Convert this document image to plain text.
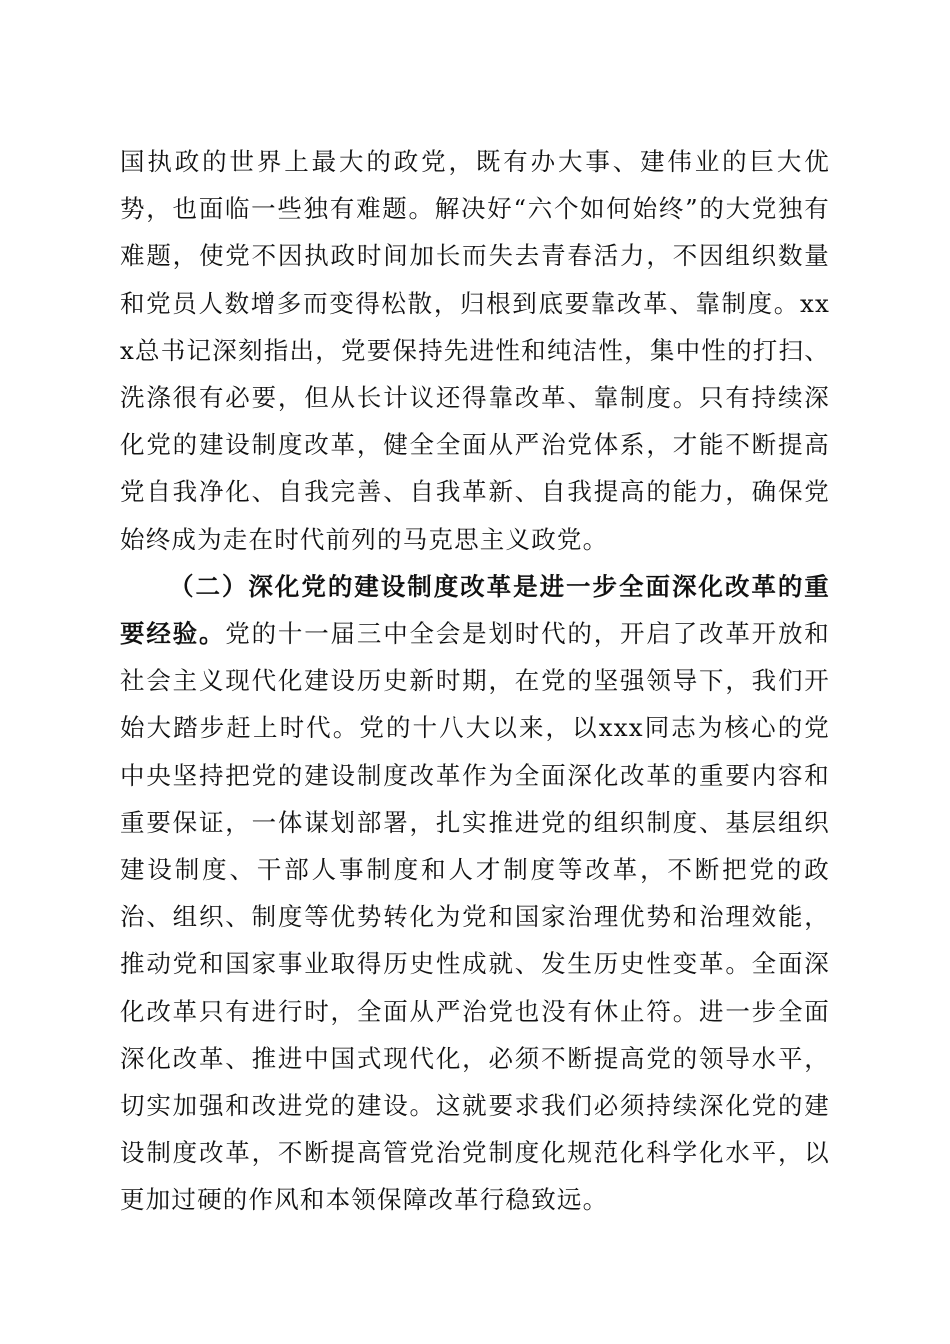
国执政的世界上最大的政党，既有办大事、建伟业的巨大优势，也面临一些独有难题。解决好“六个如何始终”的大党独有难题，使党不因执政时间加长而失去青春活力，不因组织数量和党员人数增多而变得松散，归根到底要靠改革、靠制度。xxx总书记深刻指出，党要保持先进性和纯洁性，集中性的打扫、洗涤很有必要，但从长计议还得靠改革、靠制度。只有持续深化党的建设制度改革，健全全面从严治党体系，才能不断提高党自我净化、自我完善、自我革新、自我提高的能力，确保党始终成为走在时代前列的马克思主义政党。

（二）深化党的建设制度改革是进一步全面深化改革的重要经验。党的十一届三中全会是划时代的，开启了改革开放和社会主义现代化建设历史新时期，在党的坚强领导下，我们开始大踏步赶上时代。党的十八大以来，以xxx同志为核心的党中央坚持把党的建设制度改革作为全面深化改革的重要内容和重要保证，一体谋划部署，扎实推进党的组织制度、基层组织建设制度、干部人事制度和人才制度等改革，不断把党的政治、组织、制度等优势转化为党和国家治理优势和治理效能，推动党和国家事业取得历史性成就、发生历史性变革。全面深化改革只有进行时，全面从严治党也没有休止符。进一步全面深化改革、推进中国式现代化，必须不断提高党的领导水平，切实加强和改进党的建设。这就要求我们必须持续深化党的建设制度改革，不断提高管党治党制度化规范化科学化水平，以更加过硬的作风和本领保障改革行稳致远。
